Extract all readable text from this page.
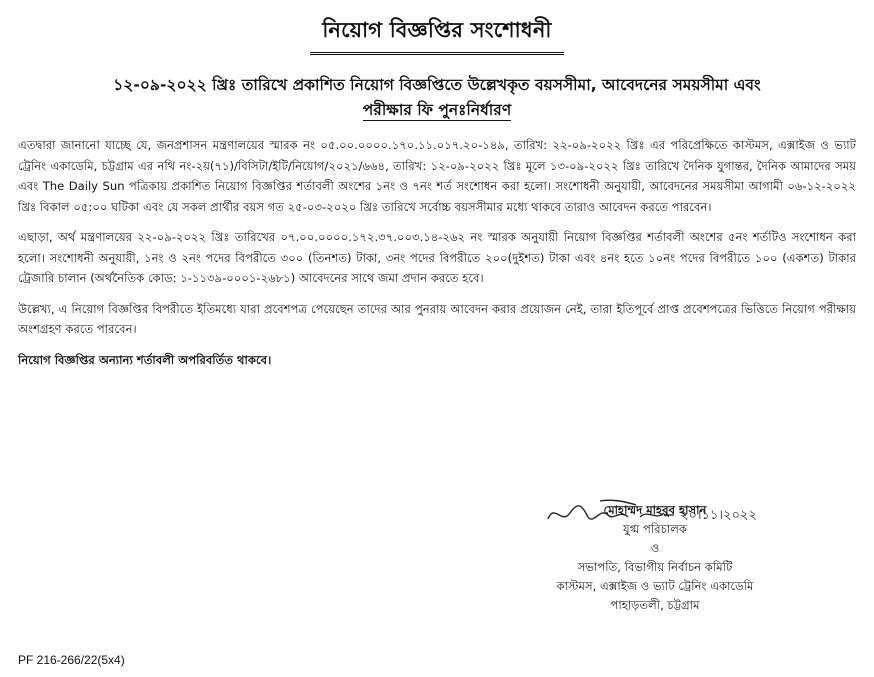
নিয়োগ বিজ্ঞপ্তির সংশোধনী
১২-০৯-২০২২ খ্রিঃ তারিখে প্রকাশিত নিয়োগ বিজ্ঞপ্তিতে উল্লেখকৃত বয়সসীমা, আবেদনের সময়সীমা এবং
পরীক্ষার ফি পুনঃনির্ধারণ

এতদ্বারা জানানো যাচ্ছে যে, জনপ্রশাসন মন্ত্রণালয়ের স্মারক নং ০৫.০০.০০০০.১৭০.১১.০১৭.২০-১৪৯, তারিখ: ২২-০৯-২০২২ খ্রিঃ এর পরিপ্রেক্ষিতে কাস্টমস, এক্সাইজ ও ভ্যাট ট্রেনিং একাডেমি, চট্টগ্রাম এর নথি নং-২য়(৭১)/বিসিটা/ইটি/নিয়োগ/২০২১/৬৬৪, তারিখ: ১২-০৯-২০২২ খ্রিঃ মূলে ১৩-০৯-২০২২ খ্রিঃ তারিখে দৈনিক যুগান্তর, দৈনিক আমাদের সময় এবং The Daily Sun পত্রিকায় প্রকাশিত নিয়োগ বিজ্ঞপ্তির শর্তাবলী অংশের ১নং ও ৭নং শর্ত সংশোধন করা হলো। সংশোধনী অনুযায়ী, আবেদনের সময়সীমা আগামী ০৬-১২-২০২২ খ্রিঃ বিকাল ০৫:০০ ঘটিকা এবং যে সকল প্রার্থীর বয়স গত ২৫-০৩-২০২০ খ্রিঃ তারিখে সর্বোচ্চ বয়সসীমার মধ্যে থাকবে তারাও আবেদন করতে পারবেন।

এছাড়া, অর্থ মন্ত্রণালয়ের ২২-০৯-২০২২ খ্রিঃ তারিখের ০৭.০০.০০০০.১৭২.৩৭.০০৩.১৪-২৬২ নং স্মারক অনুযায়ী নিয়োগ বিজ্ঞপ্তির শর্তাবলী অংশের ৫নং শর্তটিও সংশোধন করা হলো। সংশোধনী অনুযায়ী, ১নং ও ২নং পদের বিপরীতে ৩০০ (তিনশত) টাকা, ৩নং পদের বিপরীতে ২০০(দুইশত) টাকা এবং ৪নং হতে ১০নং পদের বিপরীতে ১০০ (একশত) টাকার ট্রেজারি চালান (অর্থনৈতিক কোড: ১-১১৩৯-০০০১-২৬৮১) আবেদনের সাথে জমা প্রদান করতে হবে।

উল্লেখ্য, এ নিয়োগ বিজ্ঞপ্তির বিপরীতে ইতিমধ্যে যারা প্রবেশপত্র পেয়েছেন তাদের আর পুনরায় আবেদন করার প্রয়োজন নেই, তারা ইতিপূর্বে প্রাপ্ত প্রবেশপত্রের ভিত্তিতে নিয়োগ পরীক্ষায় অংশগ্রহণ করতে পারবেন।

নিয়োগ বিজ্ঞপ্তির অন্যান্য শর্তাবলী অপরিবর্তিত থাকবে।

২০।১১।২০২২
মোহাম্মদ মাহবুব হাসান
যুগ্ম পরিচালক
ও
সভাপতি, বিভাগীয় নির্বাচন কমিটি
কাস্টমস, এক্সাইজ ও ভ্যাট ট্রেনিং একাডেমি
পাহাড়তলী, চট্টগ্রাম
PF 216-266/22(5x4)
